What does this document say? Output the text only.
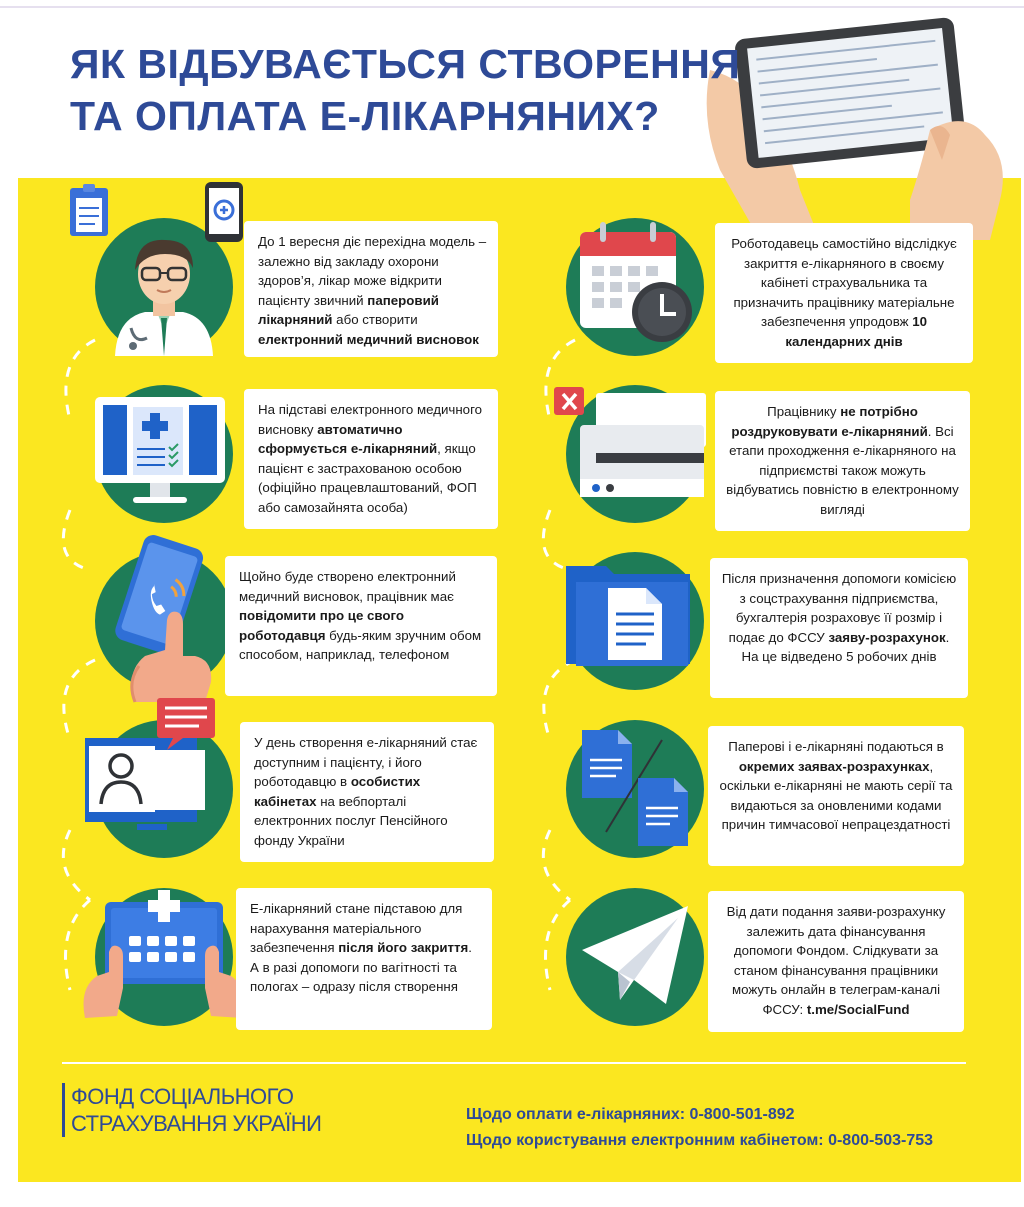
ЯК ВІДБУВАЄТЬСЯ СТВОРЕННЯ
ТА ОПЛАТА Е-ЛІКАРНЯНИХ?
До 1 вересня діє перехідна модель – залежно від закладу охорони здоров’я, лікар може відкрити пацієнту звичний паперовий лікарняний або створити електронний медичний висновок
На підставі електронного медичного висновку автоматично сформується е-лікарняний, якщо пацієнт є застрахованою особою (офіційно працевлаштований, ФОП або самозайнята особа)
Щойно буде створено електронний медичний висновок, працівник має повідомити про це свого роботодавця будь-яким зручним обом способом, наприклад, телефоном
У день створення е-лікарняний стає доступним і пацієнту, і його роботодавцю в особистих кабінетах на вебпорталі електронних послуг Пенсійного фонду України
Е-лікарняний стане підставою для нарахування матеріального забезпечення після його закриття. А в разі допомоги по вагітності та пологах – одразу після створення
Роботодавець самостійно відслідкує закриття е-лікарняного в своєму кабінеті страхувальника та призначить працівнику матеріальне забезпечення упродовж 10 календарних днів
Працівнику не потрібно роздруковувати е-лікарняний. Всі етапи проходження е-лікарняного на підприємстві також можуть відбуватись повністю в електронному вигляді
Після призначення допомоги комісією з соцстрахування підприємства, бухгалтерія розраховує її розмір і подає до ФССУ заяву-розрахунок. На це відведено 5 робочих днів
Паперові і е-лікарняні подаються в окремих заявах-розрахунках, оскільки е-лікарняні не мають серії та видаються за оновленими кодами причин тимчасової непрацездатності
Від дати подання заяви-розрахунку залежить дата фінансування допомоги Фондом. Слідкувати за станом фінансування працівники можуть онлайн в телеграм-каналі ФССУ: t.me/SocialFund
ФОНД СОЦІАЛЬНОГО
СТРАХУВАННЯ УКРАЇНИ	Щодо оплати е-лікарняних: 0-800-501-892
Щодо користування електронним кабінетом: 0-800-503-753
